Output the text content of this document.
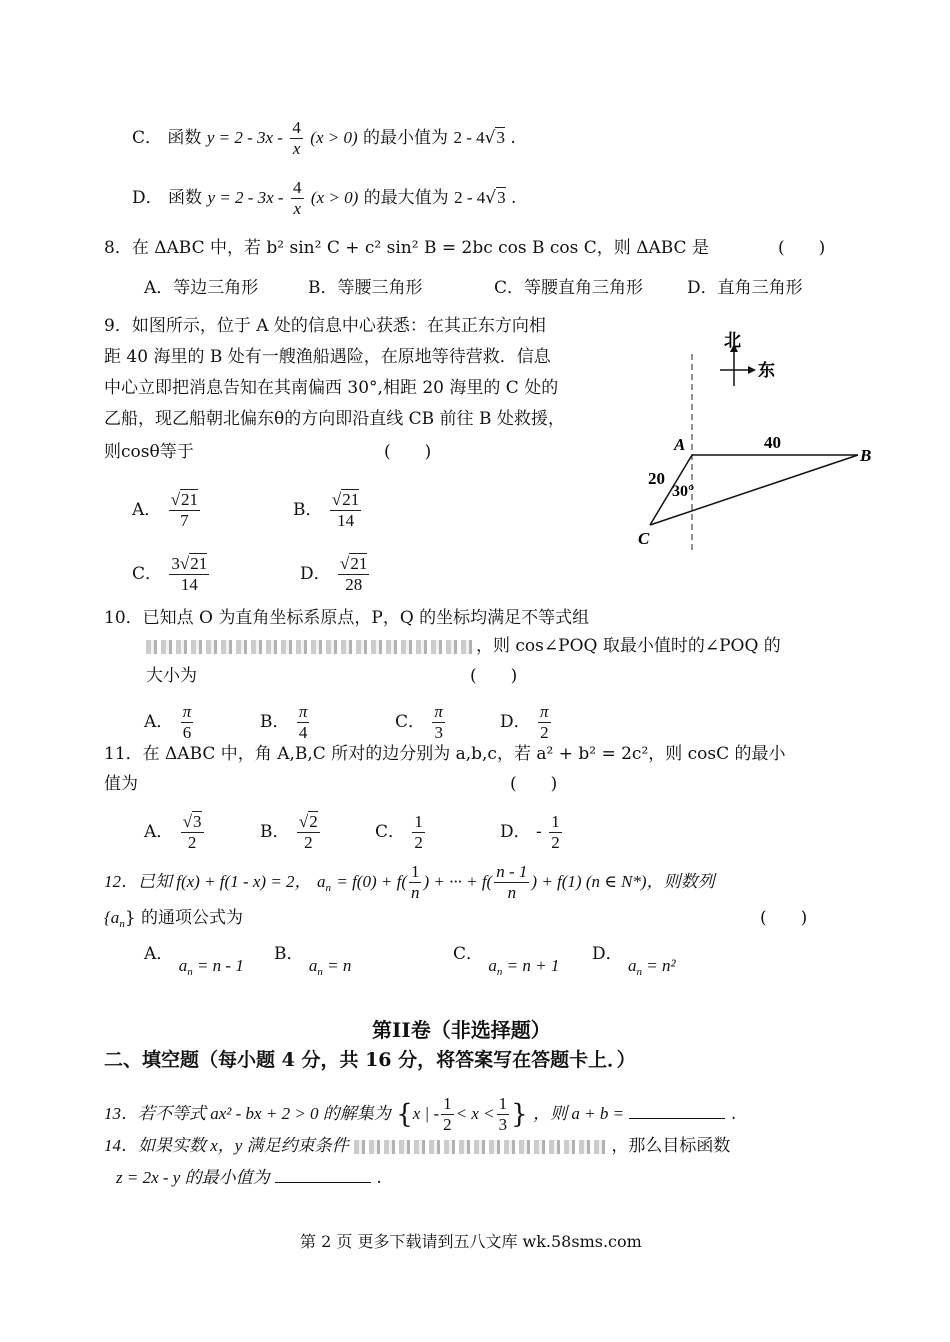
C． 函数 $y = 2 - 3x - \frac{4}{x} (x > 0)$ 的最小值为 2 - 4√3 .
D． 函数 $y = 2 - 3x - \frac{4}{x} (x > 0)$ 的最大值为 2 - 4√3 .
8．在 ΔABC 中，若 b² sin² C + c² sin² B = 2bc cos B cos C，则 ΔABC 是	(　　)
A．等边三角形	B．等腰三角形	C．等腰直角三角形	D．直角三角形
9．如图所示，位于 A 处的信息中心获悉：在其正东方向相
距 40 海里的 B 处有一艘渔船遇险，在原地等待营救．信息
中心立即把消息告知在其南偏西 30°,相距 20 海里的 C 处的
乙船，现乙船朝北偏东θ的方向即沿直线 CB 前往 B 处救援，
则cosθ等于	(　　)
A． $\frac{√21}{7}$	B． $\frac{√21}{14}$
C． $\frac{3√21}{14}$	D． $\frac{√21}{28}$
北
东
A
B
C
40
20
30°
10．已知点 O 为直角坐标系原点，P，Q 的坐标均满足不等式组
，则 cos∠POQ 取最小值时的∠POQ 的
大小为	(　　)
A． $\frac{\pi}{6}$	B． $\frac{\pi}{4}$	C． $\frac{\pi}{3}$	D． $\frac{\pi}{2}$
11．在 ΔABC 中，角 A,B,C 所对的边分别为 a,b,c，若 a² + b² = 2c²，则 cosC 的最小
值为	(　　)
A． $\frac{√3}{2}$	B． $\frac{√2}{2}$	C． $\frac{1}{2}$	D． - $\frac{1}{2}$
12．已知 f(x) + f(1 - x) = 2， $a_n = f(0) + f( \frac{1}{n}$ ) + ··· + $f( \frac{n - 1}{n}$ ) + f(1) (n ∈ N*)，则数列
$\{a_n\}$ 的通项公式为	(　　)
A． $a_n = n - 1$
B． $a_n = n$
C． $a_n = n + 1$
D． $a_n = n^2$
第II卷（非选择题）
二、填空题（每小题 4 分，共 16 分，将答案写在答题卡上．）
13．若不等式 ax² - bx + 2 > 0 的解集为 {x | - $\frac{1}{2} < x < \frac{1}{3}$ } ，则 a + b =	.
14．如果实数 x，y 满足约束条件	，那么目标函数
z = 2x - y 的最小值为	.
第 2 页 更多下载请到五八文库 wk.58sms.com
